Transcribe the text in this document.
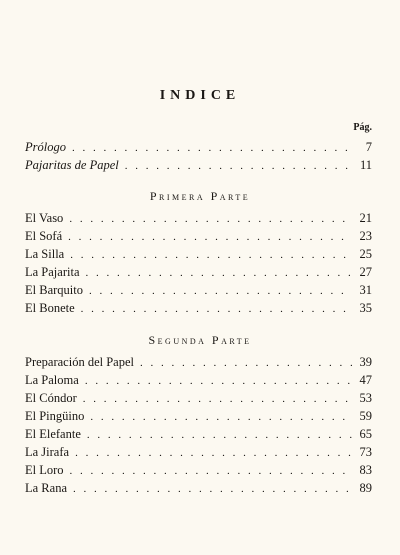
INDICE
Pág.
Prólogo . . .	7
Pajaritas de Papel . . .	11
Primera Parte
El Vaso . . .	21
El Sofá . . .	23
La Silla . . .	25
La Pajarita . . .	27
El Barquito . . .	31
El Bonete . . .	35
Segunda Parte
Preparación del Papel . . .	39
La Paloma . . .	47
El Cóndor . . .	53
El Pingüino . . .	59
El Elefante . . .	65
La Jirafa . . .	73
El Loro . . .	83
La Rana . . .	89
